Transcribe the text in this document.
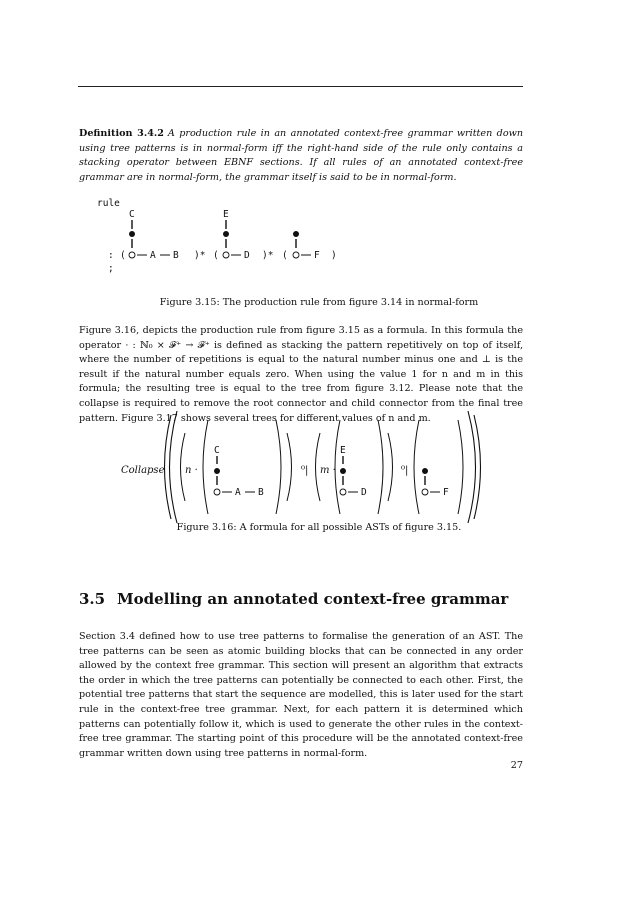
Definition 3.4.2 A production rule in an annotated context-free grammar written down using tree patterns is in normal-form iff the right-hand side of the rule only contains a stacking operator between EBNF sections. If all rules of an annotated context-free grammar are in normal-form, the grammar itself is said to be in normal-form.

rule
C	E
: (	A B )* (	D )* (	F )
;
Figure 3.15: The production rule from figure 3.14 in normal-form

Figure 3.16, depicts the production rule from figure 3.15 as a formula. In this formula the operator · : ℕ₀ × 𝓕⁺ → 𝓕⁺ is defined as stacking the pattern repetitively on top of itself, where the number of repetitions is equal to the natural number minus one and ⊥ is the result if the natural number equals zero. When using the value 1 for n and m in this formula; the resulting tree is equal to the tree from figure 3.12. Please note that the collapse is required to remove the root connector and child connector from the final tree pattern. Figure 3.17 shows several trees for different values of n and m.

Collapse n ·
C
A B
⁰| m ·
E
D
⁰|
F
Figure 3.16: A formula for all possible ASTs of figure 3.15.
3.5 Modelling an annotated context-free grammar

Section 3.4 defined how to use tree patterns to formalise the generation of an AST. The tree patterns can be seen as atomic building blocks that can be connected in any order allowed by the context free grammar. This section will present an algorithm that extracts the order in which the tree patterns can potentially be connected to each other. First, the potential tree patterns that start the sequence are modelled, this is later used for the start rule in the context-free tree grammar. Next, for each pattern it is determined which patterns can potentially follow it, which is used to generate the other rules in the context-free tree grammar. The starting point of this procedure will be the annotated context-free grammar written down using tree patterns in normal-form.

27
